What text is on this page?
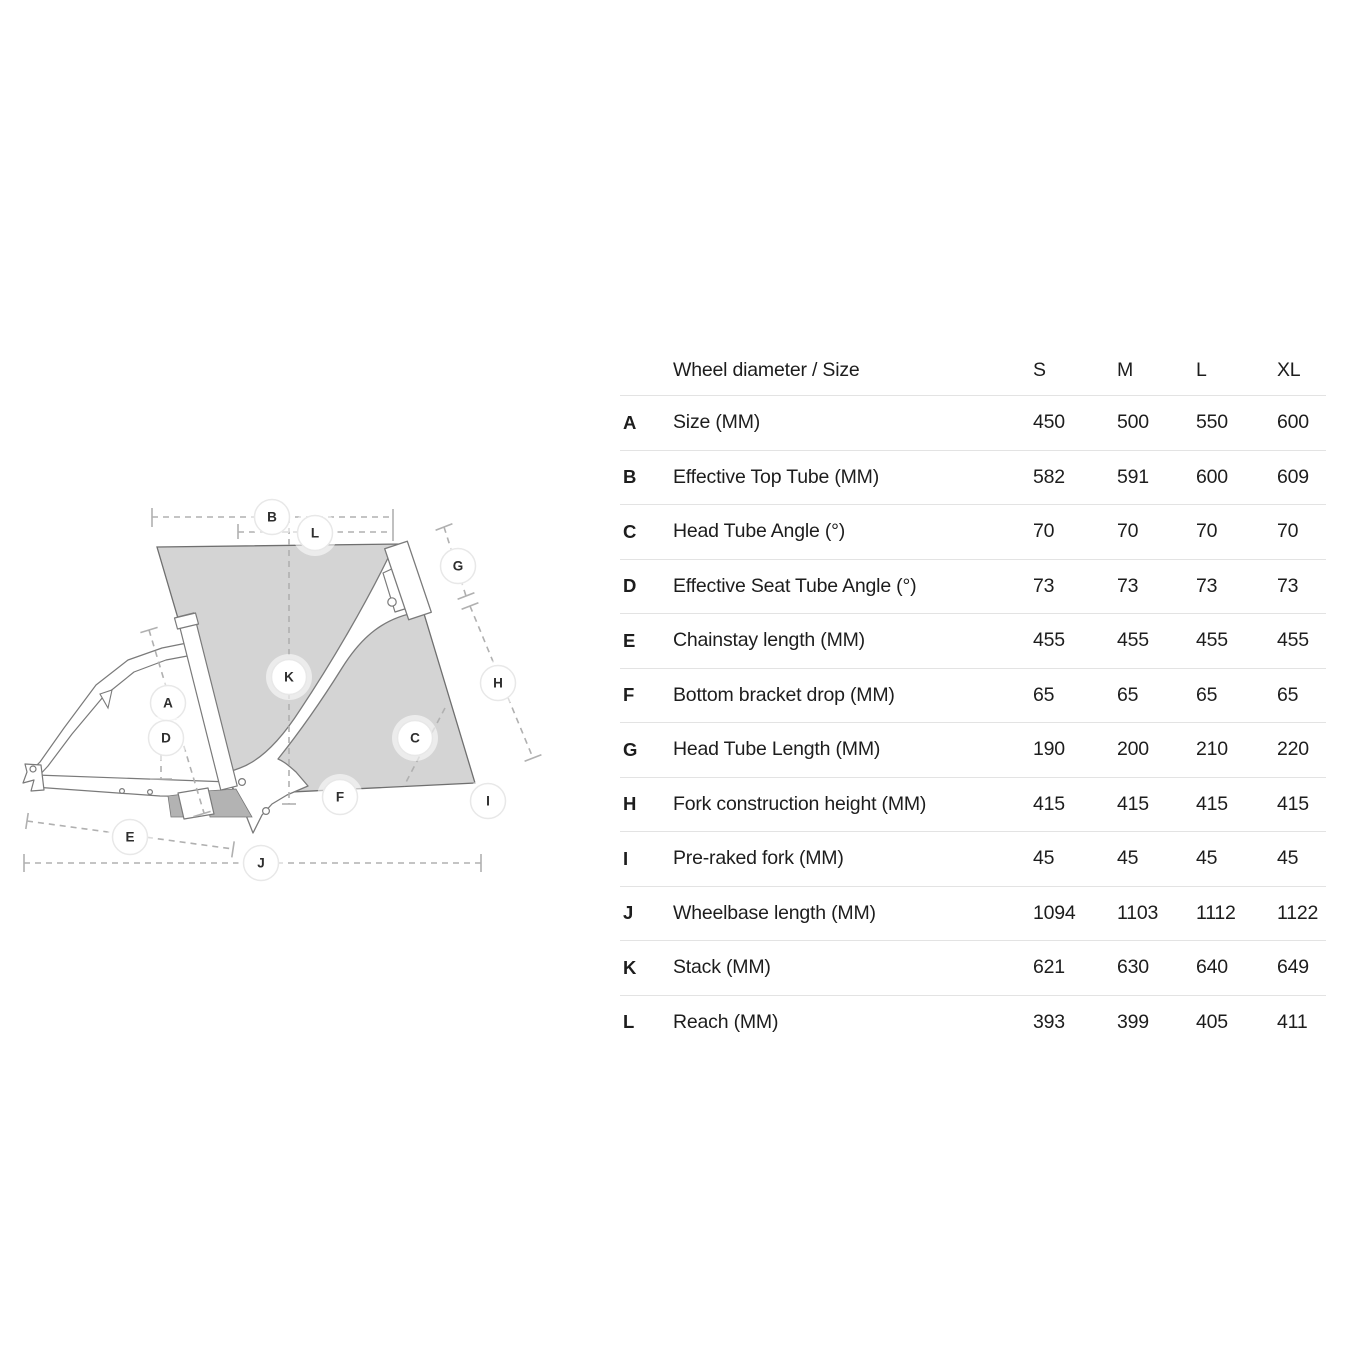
B
L
G
K	H
A
D	C
F	I
E
J
Wheel diameter / Size	S	M	L	XL
A	Size (MM)	450	500	550	600
B	Effective Top Tube (MM)	582	591	600	609
C	Head Tube Angle (°)	70	70	70	70
D	Effective Seat Tube Angle (°)	73	73	73	73
E	Chainstay length (MM)	455	455	455	455
F	Bottom bracket drop (MM)	65	65	65	65
G	Head Tube Length (MM)	190	200	210	220
H	Fork construction height (MM)	415	415	415	415
I	Pre-raked fork (MM)	45	45	45	45
J	Wheelbase length (MM)	1094	1103	1112	1122
K	Stack (MM)	621	630	640	649
L	Reach (MM)	393	399	405	411
